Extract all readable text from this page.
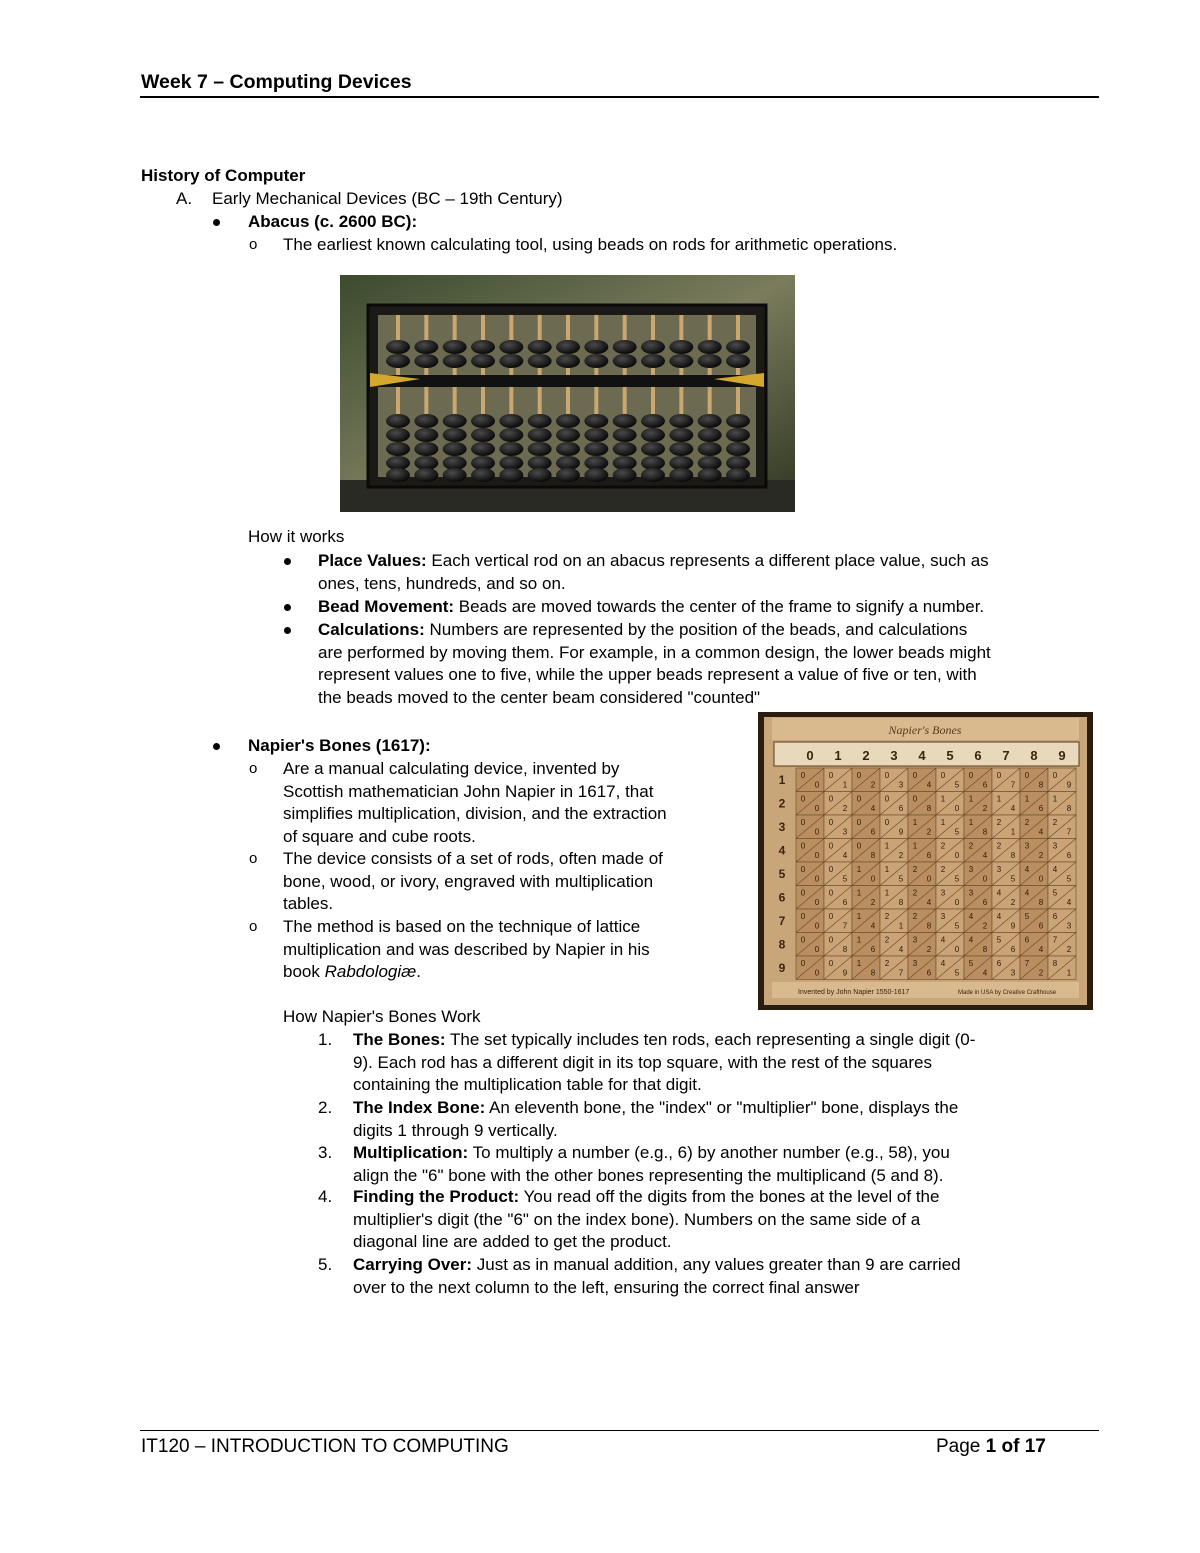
Week 7 – Computing Devices
History of Computer
A. Early Mechanical Devices (BC – 19th Century)
Abacus (c. 2600 BC):
o The earliest known calculating tool, using beads on rods for arithmetic operations.
How it works

Place Values: Each vertical rod on an abacus represents a different place value, such as

ones, tens, hundreds, and so on.

Bead Movement: Beads are moved towards the center of the frame to signify a number.

Calculations: Numbers are represented by the position of the beads, and calculations

are performed by moving them. For example, in a common design, the lower beads might

represent values one to five, while the upper beads represent a value of five or ten, with

the beads moved to the center beam considered "counted"

Napier's Bones (1617):
o Are a manual calculating device, invented by

Scottish mathematician John Napier in 1617, that

simplifies multiplication, division, and the extraction

of square and cube roots.

o The device consists of a set of rods, often made of

bone, wood, or ivory, engraved with multiplication

tables.

o The method is based on the technique of lattice

multiplication and was described by Napier in his

book Rabdologiæ.

Napier's Bones
0 1 2 3 4 5 6 7 8 9
1
2
3
4
5
6
7
8
9
0
0
0
0
0
0
0
0
0
0
0
0
0
0
0
0
0
0
0
1
0
2
0
3
0
4
0
5
0
6
0
7
0
8
0
9
0
2
0
4
0
6
0
8
1
0
1
2
1
4
1
6
1
8
0
3
0
6
0
9
1
2
1
5
1
8
2
1
2
4
2
7
0
4
0
8
1
2
1
6
2
0
2
4
2
8
3
2
3
6
0
5
1
0
1
5
2
0
2
5
3
0
3
5
4
0
4
5
0
6
1
2
1
8
2
4
3
0
3
6
4
2
4
8
5
4
0
7
1
4
2
1
2
8
3
5
4
2
4
9
5
6
6
3
0
8
1
6
2
4
3
2
4
0
4
8
5
6
6
4
7
2
0
9
1
8
2
7
3
6
4
5
5
4
6
3
7
2
8
1
Invented by John Napier 1550-1617	Made in USA by Creative Crafthouse
How Napier's Bones Work
1. The Bones: The set typically includes ten rods, each representing a single digit (0-

9). Each rod has a different digit in its top square, with the rest of the squares

containing the multiplication table for that digit.

2. The Index Bone: An eleventh bone, the "index" or "multiplier" bone, displays the

digits 1 through 9 vertically.

3. Multiplication: To multiply a number (e.g., 6) by another number (e.g., 58), you

align the "6" bone with the other bones representing the multiplicand (5 and 8).

4. Finding the Product: You read off the digits from the bones at the level of the

multiplier's digit (the "6" on the index bone). Numbers on the same side of a

diagonal line are added to get the product.

5. Carrying Over: Just as in manual addition, any values greater than 9 are carried

over to the next column to the left, ensuring the correct final answer

IT120 – INTRODUCTION TO COMPUTING	Page 1 of 17
